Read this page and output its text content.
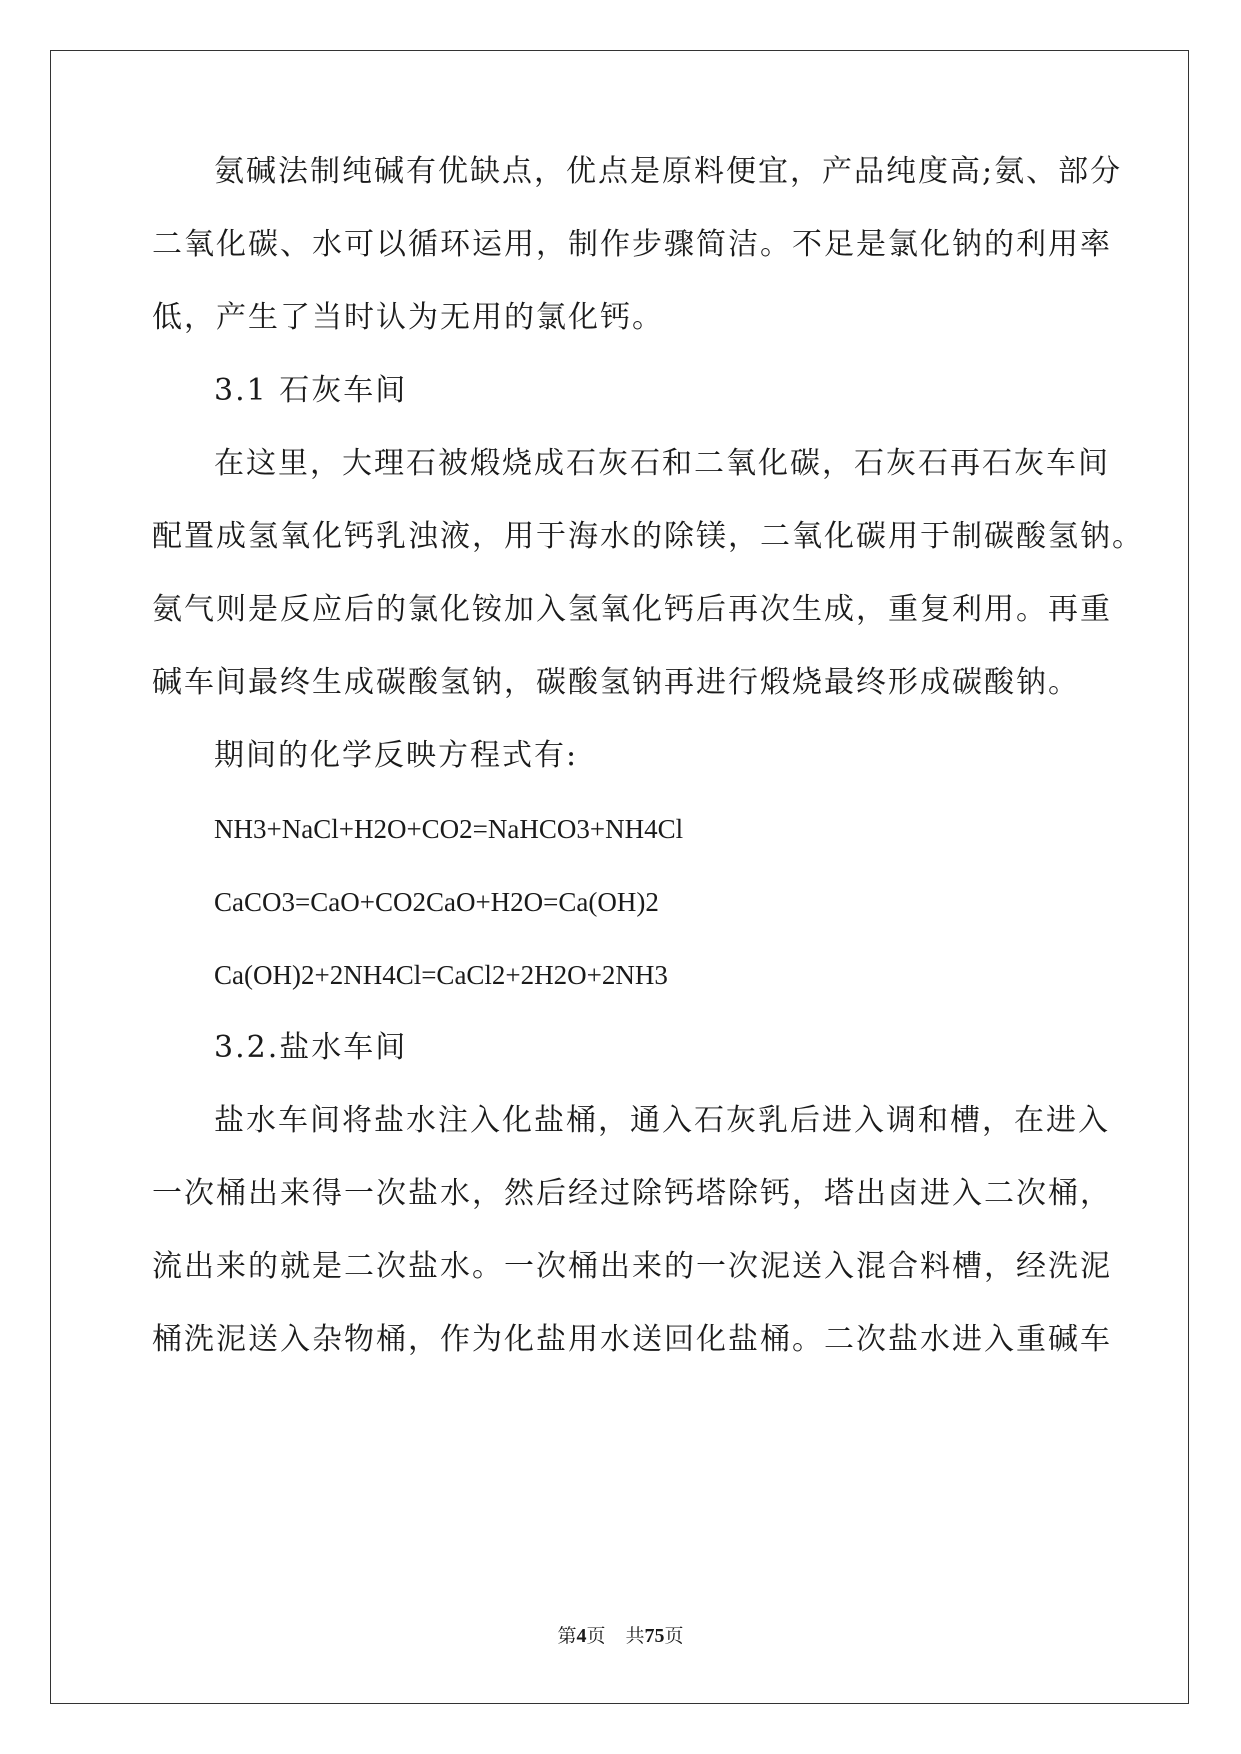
氨碱法制纯碱有优缺点，优点是原料便宜，产品纯度高;氨、部分
二氧化碳、水可以循环运用，制作步骤简洁。不足是氯化钠的利用率
低，产生了当时认为无用的氯化钙。
3.1 石灰车间
在这里，大理石被煅烧成石灰石和二氧化碳，石灰石再石灰车间
配置成氢氧化钙乳浊液，用于海水的除镁，二氧化碳用于制碳酸氢钠。
氨气则是反应后的氯化铵加入氢氧化钙后再次生成，重复利用。再重
碱车间最终生成碳酸氢钠，碳酸氢钠再进行煅烧最终形成碳酸钠。
期间的化学反映方程式有:
NH3+NaCl+H2O+CO2=NaHCO3+NH4Cl
CaCO3=CaO+CO2CaO+H2O=Ca(OH)2
Ca(OH)2+2NH4Cl=CaCl2+2H2O+2NH3
3.2.盐水车间
盐水车间将盐水注入化盐桶，通入石灰乳后进入调和槽，在进入
一次桶出来得一次盐水，然后经过除钙塔除钙，塔出卤进入二次桶，
流出来的就是二次盐水。一次桶出来的一次泥送入混合料槽，经洗泥
桶洗泥送入杂物桶，作为化盐用水送回化盐桶。二次盐水进入重碱车
第4页 共75页
